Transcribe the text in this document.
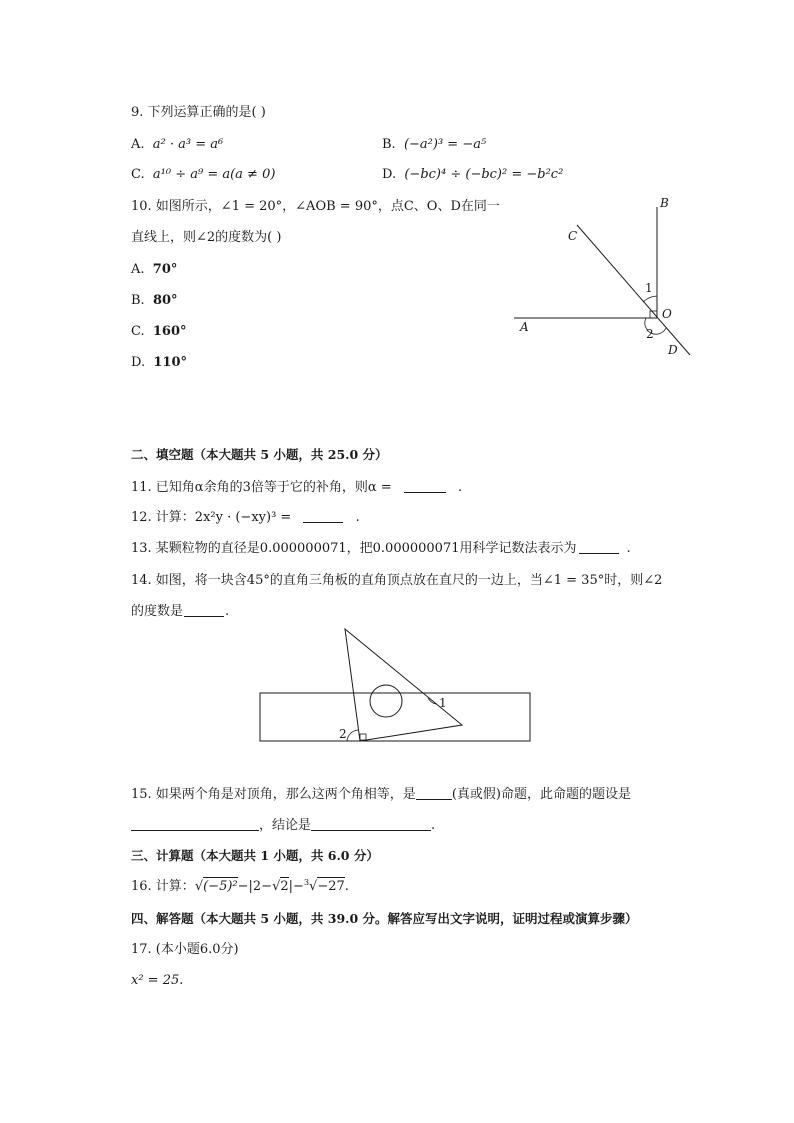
9. 下列运算正确的是( )
A. a² · a³ = a⁶	B. (−a²)³ = −a⁵
C. a¹⁰ ÷ a⁹ = a(a ≠ 0)	D. (−bc)⁴ ÷ (−bc)² = −b²c²
10. 如图所示，∠1 = 20°，∠AOB = 90°，点C、O、D在同一
直线上，则∠2的度数为( )
A. 70°
B. 80°
C. 160°
D. 110°
B
C
O
A
D
1
2
二、填空题（本大题共 5 小题，共 25.0 分）
11. 已知角α余角的3倍等于它的补角，则α =	.
12. 计算：2x²y · (−xy)³ =	.
13. 某颗粒物的直径是0.000000071，把0.000000071用科学记数法表示为	.
14. 如图，将一块含45°的直角三角板的直角顶点放在直尺的一边上，当∠1 = 35°时，则∠2
的度数是	.
1
2
15. 如果两个角是对顶角，那么这两个角相等，是	(真或假)命题，此命题的题设是
，结论是	.
三、计算题（本大题共 1 小题，共 6.0 分）
16. 计算：√(−5)²−|2−√2|−$^3$√−27.
四、解答题（本大题共 5 小题，共 39.0 分。解答应写出文字说明，证明过程或演算步骤）
17. (本小题6.0分)
x² = 25.
